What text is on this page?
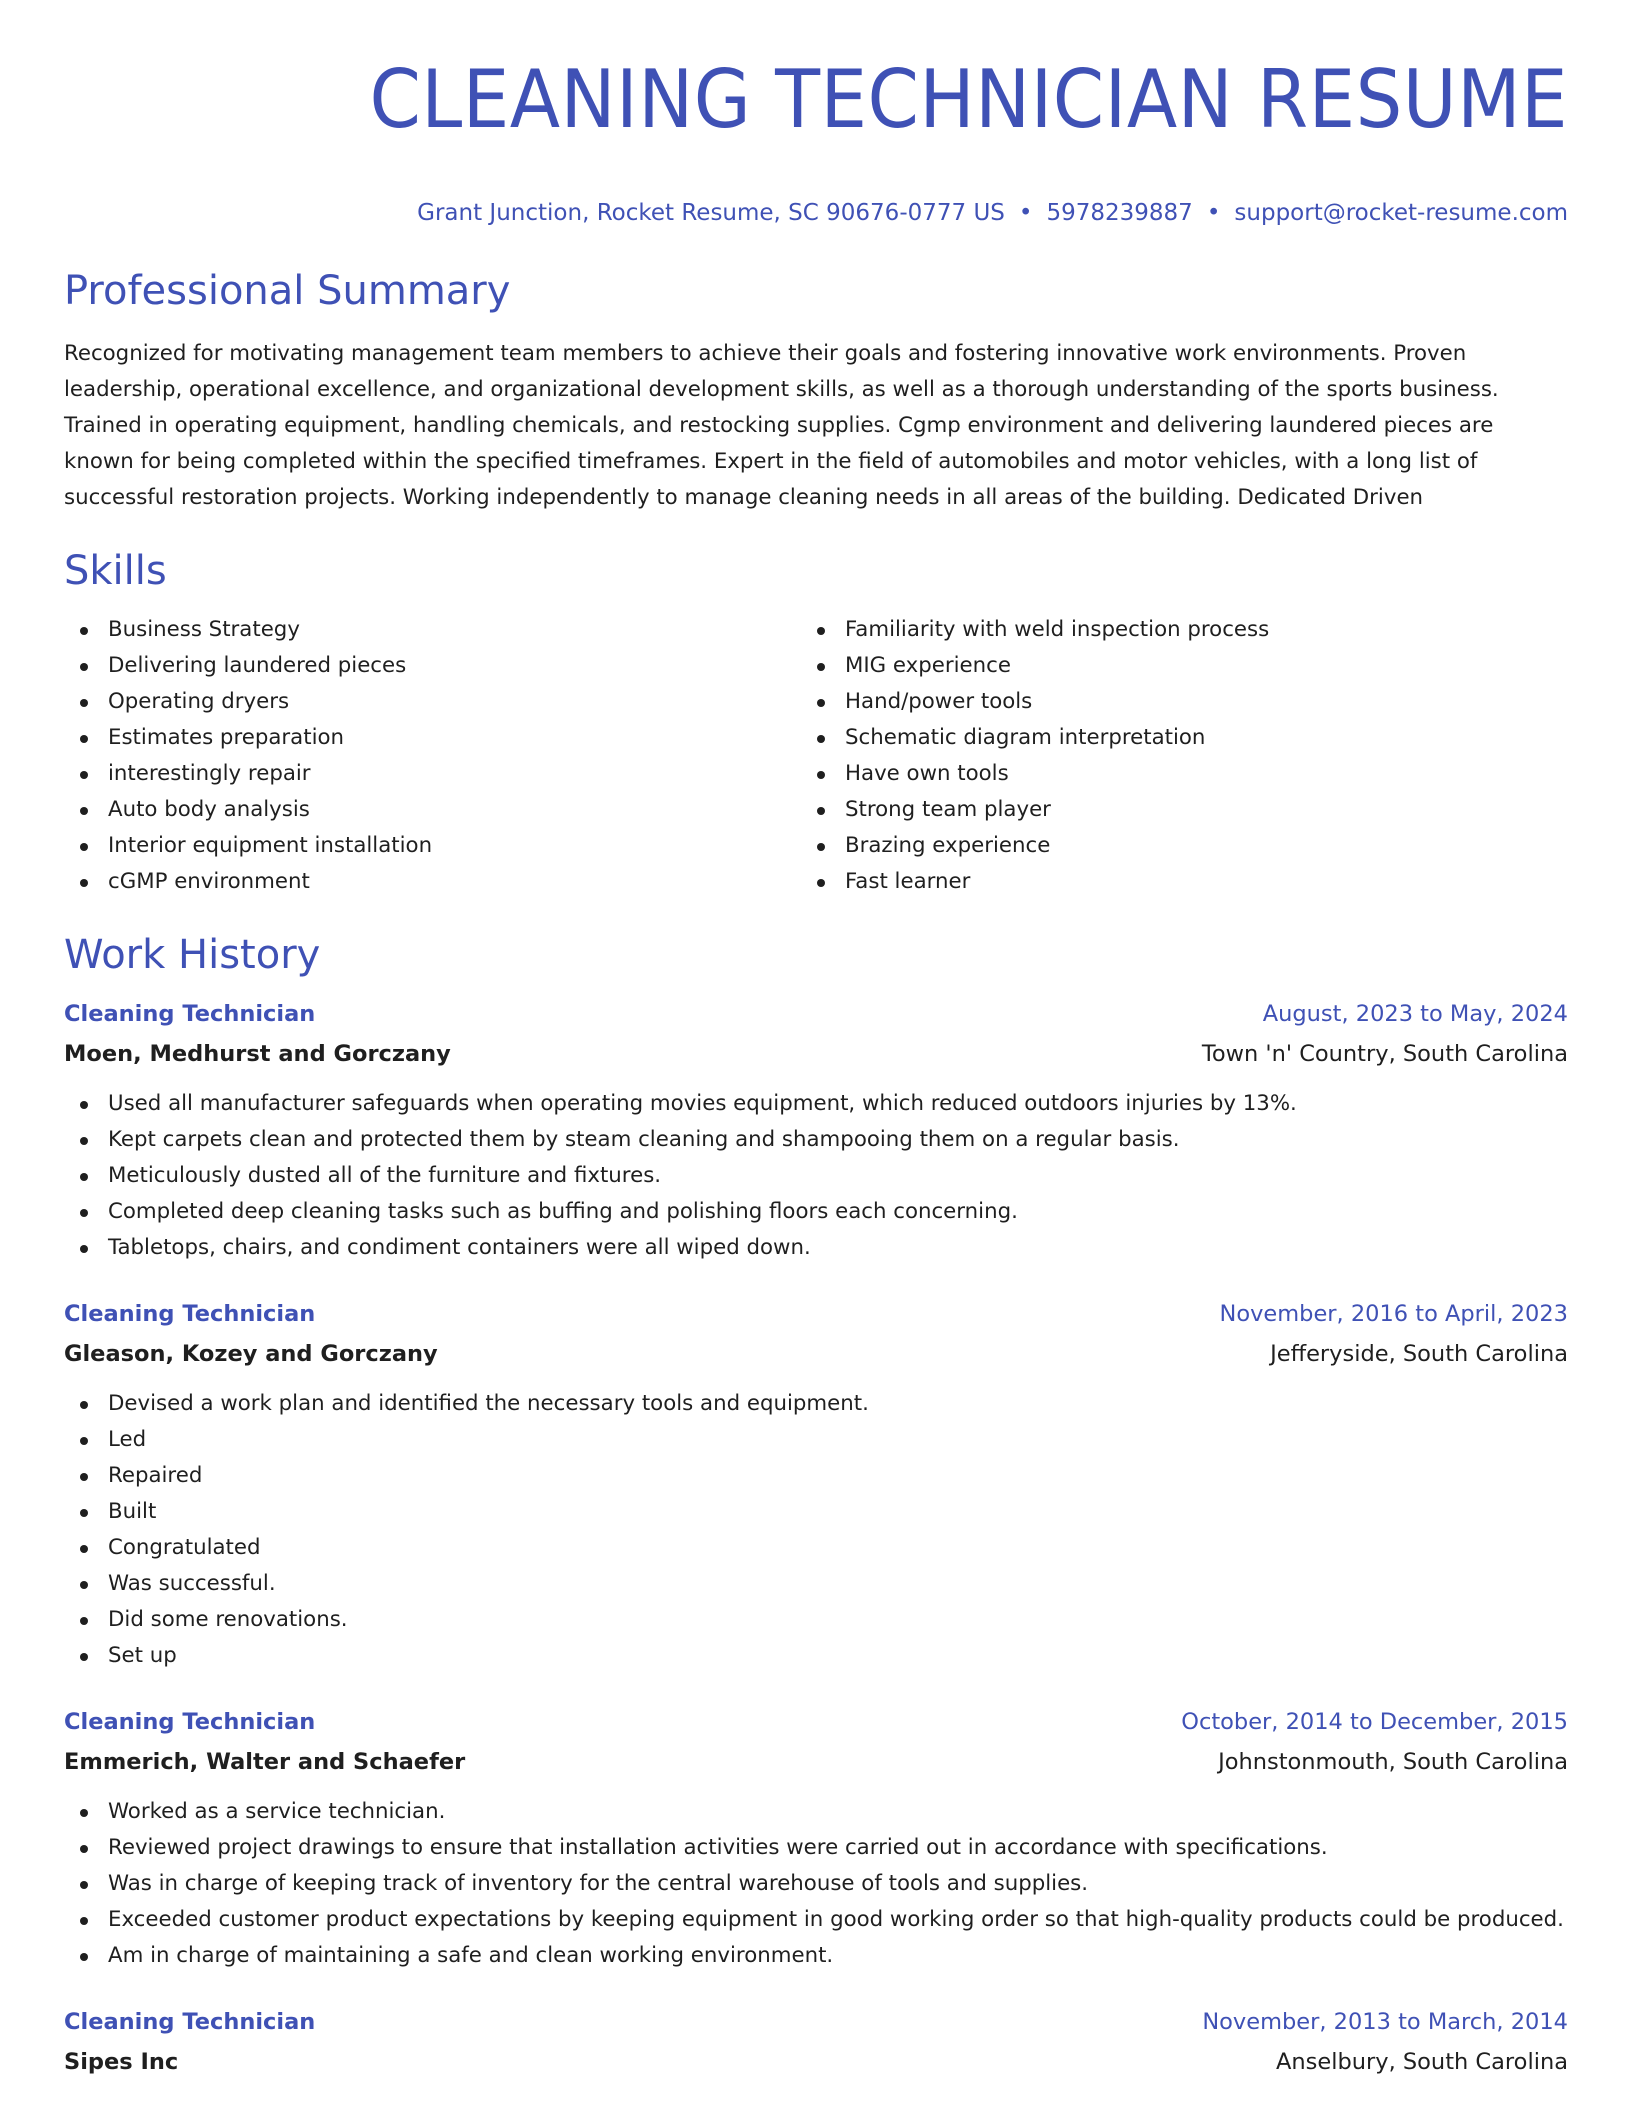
CLEANING TECHNICIAN RESUME
Grant Junction, Rocket Resume, SC 90676-0777 US • 5978239887 • support@rocket-resume.com
Professional Summary

Recognized for motivating management team members to achieve their goals and fostering innovative work environments. Proven leadership, operational excellence, and organizational development skills, as well as a thorough understanding of the sports business. Trained in operating equipment, handling chemicals, and restocking supplies. Cgmp environment and delivering laundered pieces are known for being completed within the specified timeframes. Expert in the field of automobiles and motor vehicles, with a long list of successful restoration projects. Working independently to manage cleaning needs in all areas of the building. Dedicated Driven

Skills
Business Strategy
Delivering laundered pieces
Operating dryers
Estimates preparation
interestingly repair
Auto body analysis
Interior equipment installation
cGMP environment
Familiarity with weld inspection process
MIG experience
Hand/power tools
Schematic diagram interpretation
Have own tools
Strong team player
Brazing experience
Fast learner
Work History
Cleaning Technician	August, 2023 to May, 2024
Moen, Medhurst and Gorczany	Town 'n' Country, South Carolina
Used all manufacturer safeguards when operating movies equipment, which reduced outdoors injuries by 13%.
Kept carpets clean and protected them by steam cleaning and shampooing them on a regular basis.
Meticulously dusted all of the furniture and fixtures.
Completed deep cleaning tasks such as buffing and polishing floors each concerning.
Tabletops, chairs, and condiment containers were all wiped down.
Cleaning Technician	November, 2016 to April, 2023
Gleason, Kozey and Gorczany	Jefferyside, South Carolina
Devised a work plan and identified the necessary tools and equipment.
Led
Repaired
Built
Congratulated
Was successful.
Did some renovations.
Set up
Cleaning Technician	October, 2014 to December, 2015
Emmerich, Walter and Schaefer	Johnstonmouth, South Carolina
Worked as a service technician.
Reviewed project drawings to ensure that installation activities were carried out in accordance with specifications.
Was in charge of keeping track of inventory for the central warehouse of tools and supplies.
Exceeded customer product expectations by keeping equipment in good working order so that high-quality products could be produced.
Am in charge of maintaining a safe and clean working environment.
Cleaning Technician	November, 2013 to March, 2014
Sipes Inc	Anselbury, South Carolina
